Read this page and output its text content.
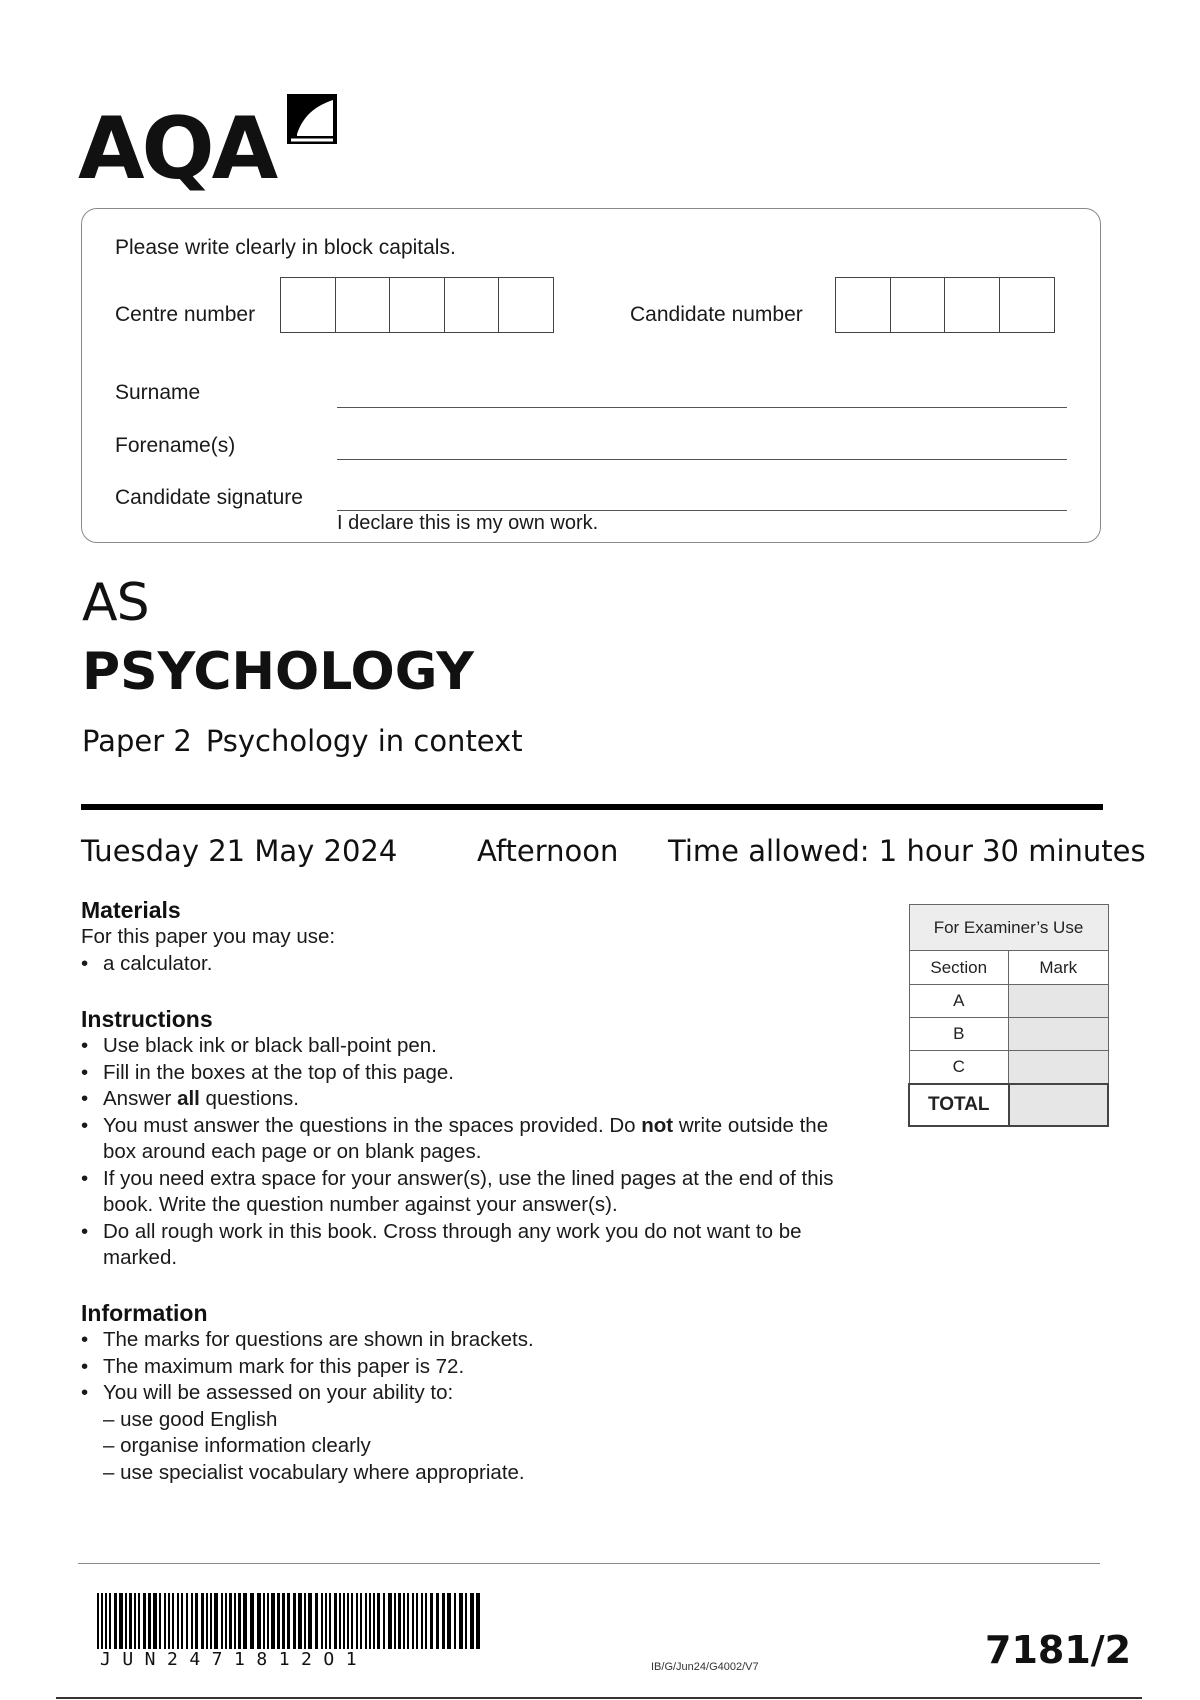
AQA
Please write clearly in block capitals.
Centre number	Candidate number
Surname
Forename(s)
Candidate signature
I declare this is my own work.
AS
PSYCHOLOGY
Paper 2 Psychology in context
Tuesday 21 May 2024	Afternoon Time allowed: 1 hour 30 minutes
Materials
For this paper you may use:
• a calculator.
Instructions
• Use black ink or black ball-point pen.
• Fill in the boxes at the top of this page.
• Answer all questions.
• You must answer the questions in the spaces provided. Do not write outside the box around each page or on blank pages.
• If you need extra space for your answer(s), use the lined pages at the end of this book. Write the question number against your answer(s).
• Do all rough work in this book. Cross through any work you do not want to be marked.
Information
• The marks for questions are shown in brackets.
• The maximum mark for this paper is 72.
• You will be assessed on your ability to:
– use good English
– organise information clearly
– use specialist vocabulary where appropriate.
For Examiner’s Use	
Section	Mark
A	
B	
C	
TOTAL	
JUN2471812O1	IB/G/Jun24/G4002/V7	7181/2
